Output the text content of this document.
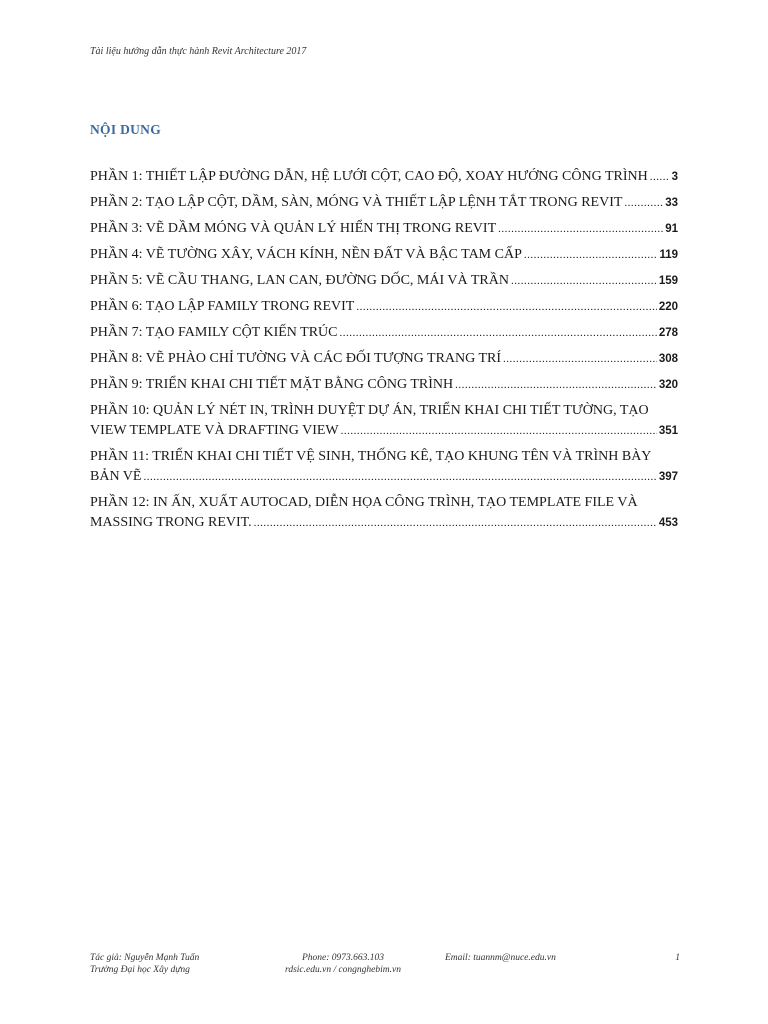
Tài liệu hướng dẫn thực hành Revit Architecture 2017
NỘI DUNG
PHẦN 1: THIẾT LẬP ĐƯỜNG DẪN, HỆ LƯỚI CỘT, CAO ĐỘ, XOAY HƯỚNG CÔNG TRÌNH ..... 3
PHẦN 2: TẠO LẬP CỘT, DẦM, SÀN, MÓNG VÀ THIẾT LẬP LỆNH TẮT TRONG REVIT .....	33
PHẦN 3: VẼ DẦM MÓNG VÀ QUẢN LÝ HIỂN THỊ TRONG REVIT .....	91
PHẦN 4: VẼ TƯỜNG XÂY, VÁCH KÍNH, NỀN ĐẤT VÀ BẬC TAM CẤP .....	119
PHẦN 5: VẼ CẦU THANG, LAN CAN, ĐƯỜNG DỐC, MÁI VÀ TRẦN .....	159
PHẦN 6: TẠO LẬP FAMILY TRONG REVIT .....	220
PHẦN 7: TẠO FAMILY CỘT KIẾN TRÚC .....	278
PHẦN 8: VẼ PHÀO CHỈ TƯỜNG VÀ CÁC ĐỐI TƯỢNG TRANG TRÍ .....	308
PHẦN 9: TRIỂN KHAI CHI TIẾT MẶT BẰNG CÔNG TRÌNH .....	320
PHẦN 10: QUẢN LÝ NÉT IN, TRÌNH DUYỆT DỰ ÁN, TRIỂN KHAI CHI TIẾT TƯỜNG, TẠO
VIEW TEMPLATE VÀ DRAFTING VIEW .....	351
PHẦN 11: TRIỂN KHAI CHI TIẾT VỆ SINH, THỐNG KÊ, TẠO KHUNG TÊN VÀ TRÌNH BÀY
BẢN VẼ .....	397
PHẦN 12: IN ẤN, XUẤT AUTOCAD, DIỄN HỌA CÔNG TRÌNH, TẠO TEMPLATE FILE VÀ
MASSING TRONG REVIT. .....	453
Tác giả: Nguyễn Mạnh Tuấn
Trường Đại học Xây dựng
Phone: 0973.663.103
rdsic.edu.vn / congnghebim.vn
Email: tuannm@nuce.edu.vn	1
